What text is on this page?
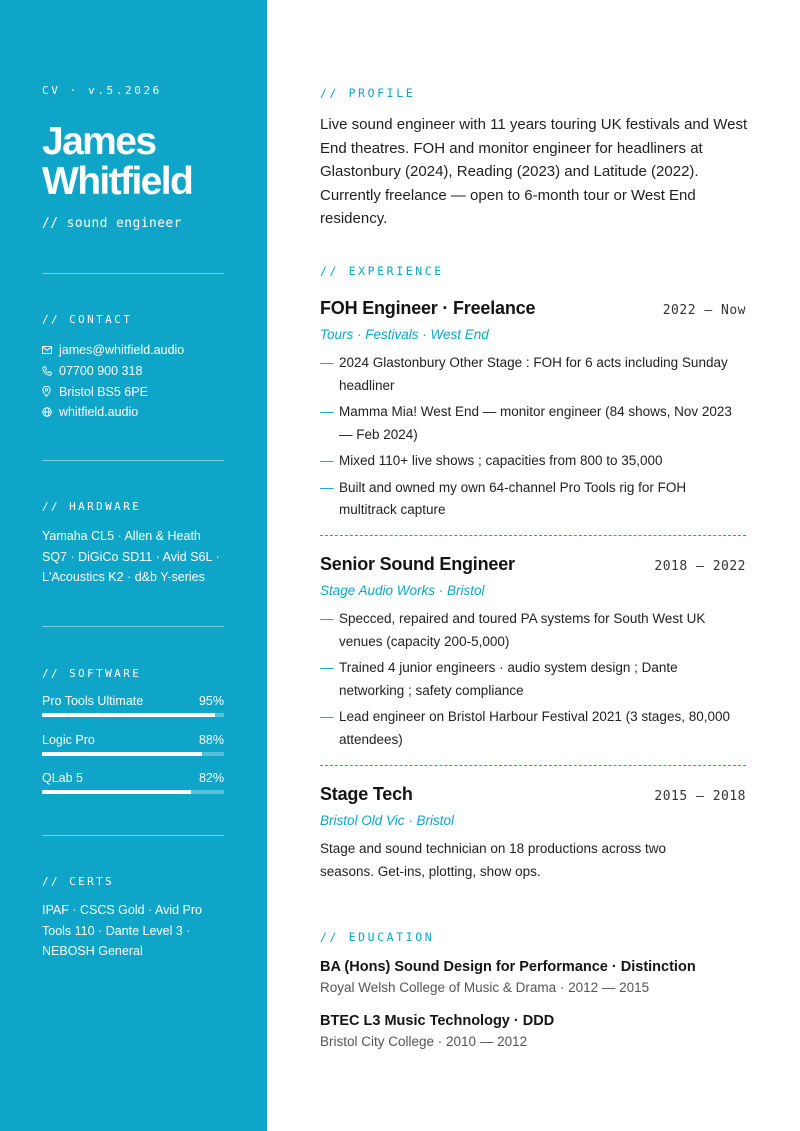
CV · v.5.2026
James
Whitfield
// sound engineer
// CONTACT
james@whitfield.audio
07700 900 318
Bristol BS5 6PE
whitfield.audio
// HARDWARE
Yamaha CL5 · Allen & Heath
SQ7 · DiGiCo SD11 · Avid S6L ·
L'Acoustics K2 · d&b Y-series
// SOFTWARE
Pro Tools Ultimate	95%
Logic Pro	88%
QLab 5	82%
// CERTS
IPAF · CSCS Gold · Avid Pro
Tools 110 · Dante Level 3 ·
NEBOSH General
// PROFILE
Live sound engineer with 11 years touring UK festivals and West End theatres. FOH and monitor engineer for headliners at Glastonbury (2024), Reading (2023) and Latitude (2022). Currently freelance — open to 6-month tour or West End residency.
// EXPERIENCE
FOH Engineer · Freelance	2022 — Now
Tours · Festivals · West End
— 2024 Glastonbury Other Stage : FOH for 6 acts including Sunday headliner
— Mamma Mia! West End — monitor engineer (84 shows, Nov 2023 — Feb 2024)
— Mixed 110+ live shows ; capacities from 800 to 35,000
— Built and owned my own 64-channel Pro Tools rig for FOH multitrack capture
Senior Sound Engineer	2018 — 2022
Stage Audio Works · Bristol
— Specced, repaired and toured PA systems for South West UK venues (capacity 200-5,000)
— Trained 4 junior engineers · audio system design ; Dante networking ; safety compliance
— Lead engineer on Bristol Harbour Festival 2021 (3 stages, 80,000 attendees)
Stage Tech	2015 — 2018
Bristol Old Vic · Bristol
Stage and sound technician on 18 productions across two seasons. Get-ins, plotting, show ops.
// EDUCATION
BA (Hons) Sound Design for Performance · Distinction
Royal Welsh College of Music & Drama · 2012 — 2015
BTEC L3 Music Technology · DDD
Bristol City College · 2010 — 2012
